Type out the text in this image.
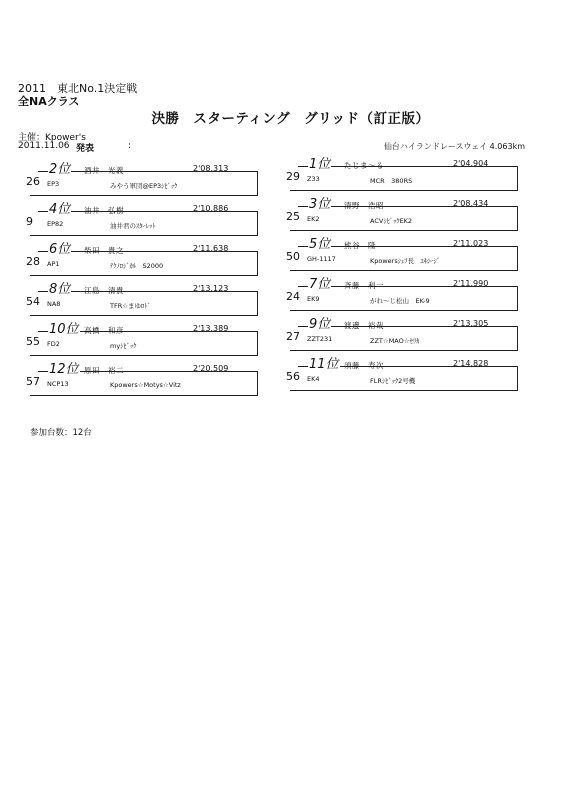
2011　東北No.1決定戦
全NAクラス
決勝　スターティング　グリッド（訂正版）
主催：Kpower's
2011.11.06 発表	:	仙台ハイランドレースウェイ 4.063km
2位 酒井　光義	2'08.313
26 EP3	みやう軍団@EP3ｼﾋﾞｯｸ
4位 油井　弘樹	2'10.886
9 EP82	油井君のｽﾀｰﾚｯﾄ
6位 柴田　貴之	2'11.638
28 AP1	ﾃｸﾉﾛｼﾞｶﾙ　S2000
8位 江島　清貴	2'13.123
54 NA8	TFR☆まゆﾛﾄﾞ
10位 高橋　和彦	2'13.389
55 FD2	myｼﾋﾞｯｸ
12位 原田　裕二	2'20.509
57 NCP13	Kpowers☆Motys☆Vitz
1位 たじま～る	2'04.904
29 Z33	MCR　380RS
3位 清野　浩昭	2'08.434
25 EK2	ACVｼﾋﾞｯｸEK2
5位 熊谷　隆	2'11.023
50 GH-1117	Kpowersｼｪﾌ長　ｴｷｼｰｼﾞ
7位 斉藤　利一	2'11.990
24 EK9	がれ～じ松山　EK-9
9位 渡邊　裕哉	2'13.305
27 ZZT231	ZZT☆MAO☆ｾﾘｶ
11位 須藤　寿次	2'14.828
56 EK4	FLRｼﾋﾞｯｸ2号機
参加台数：12台
